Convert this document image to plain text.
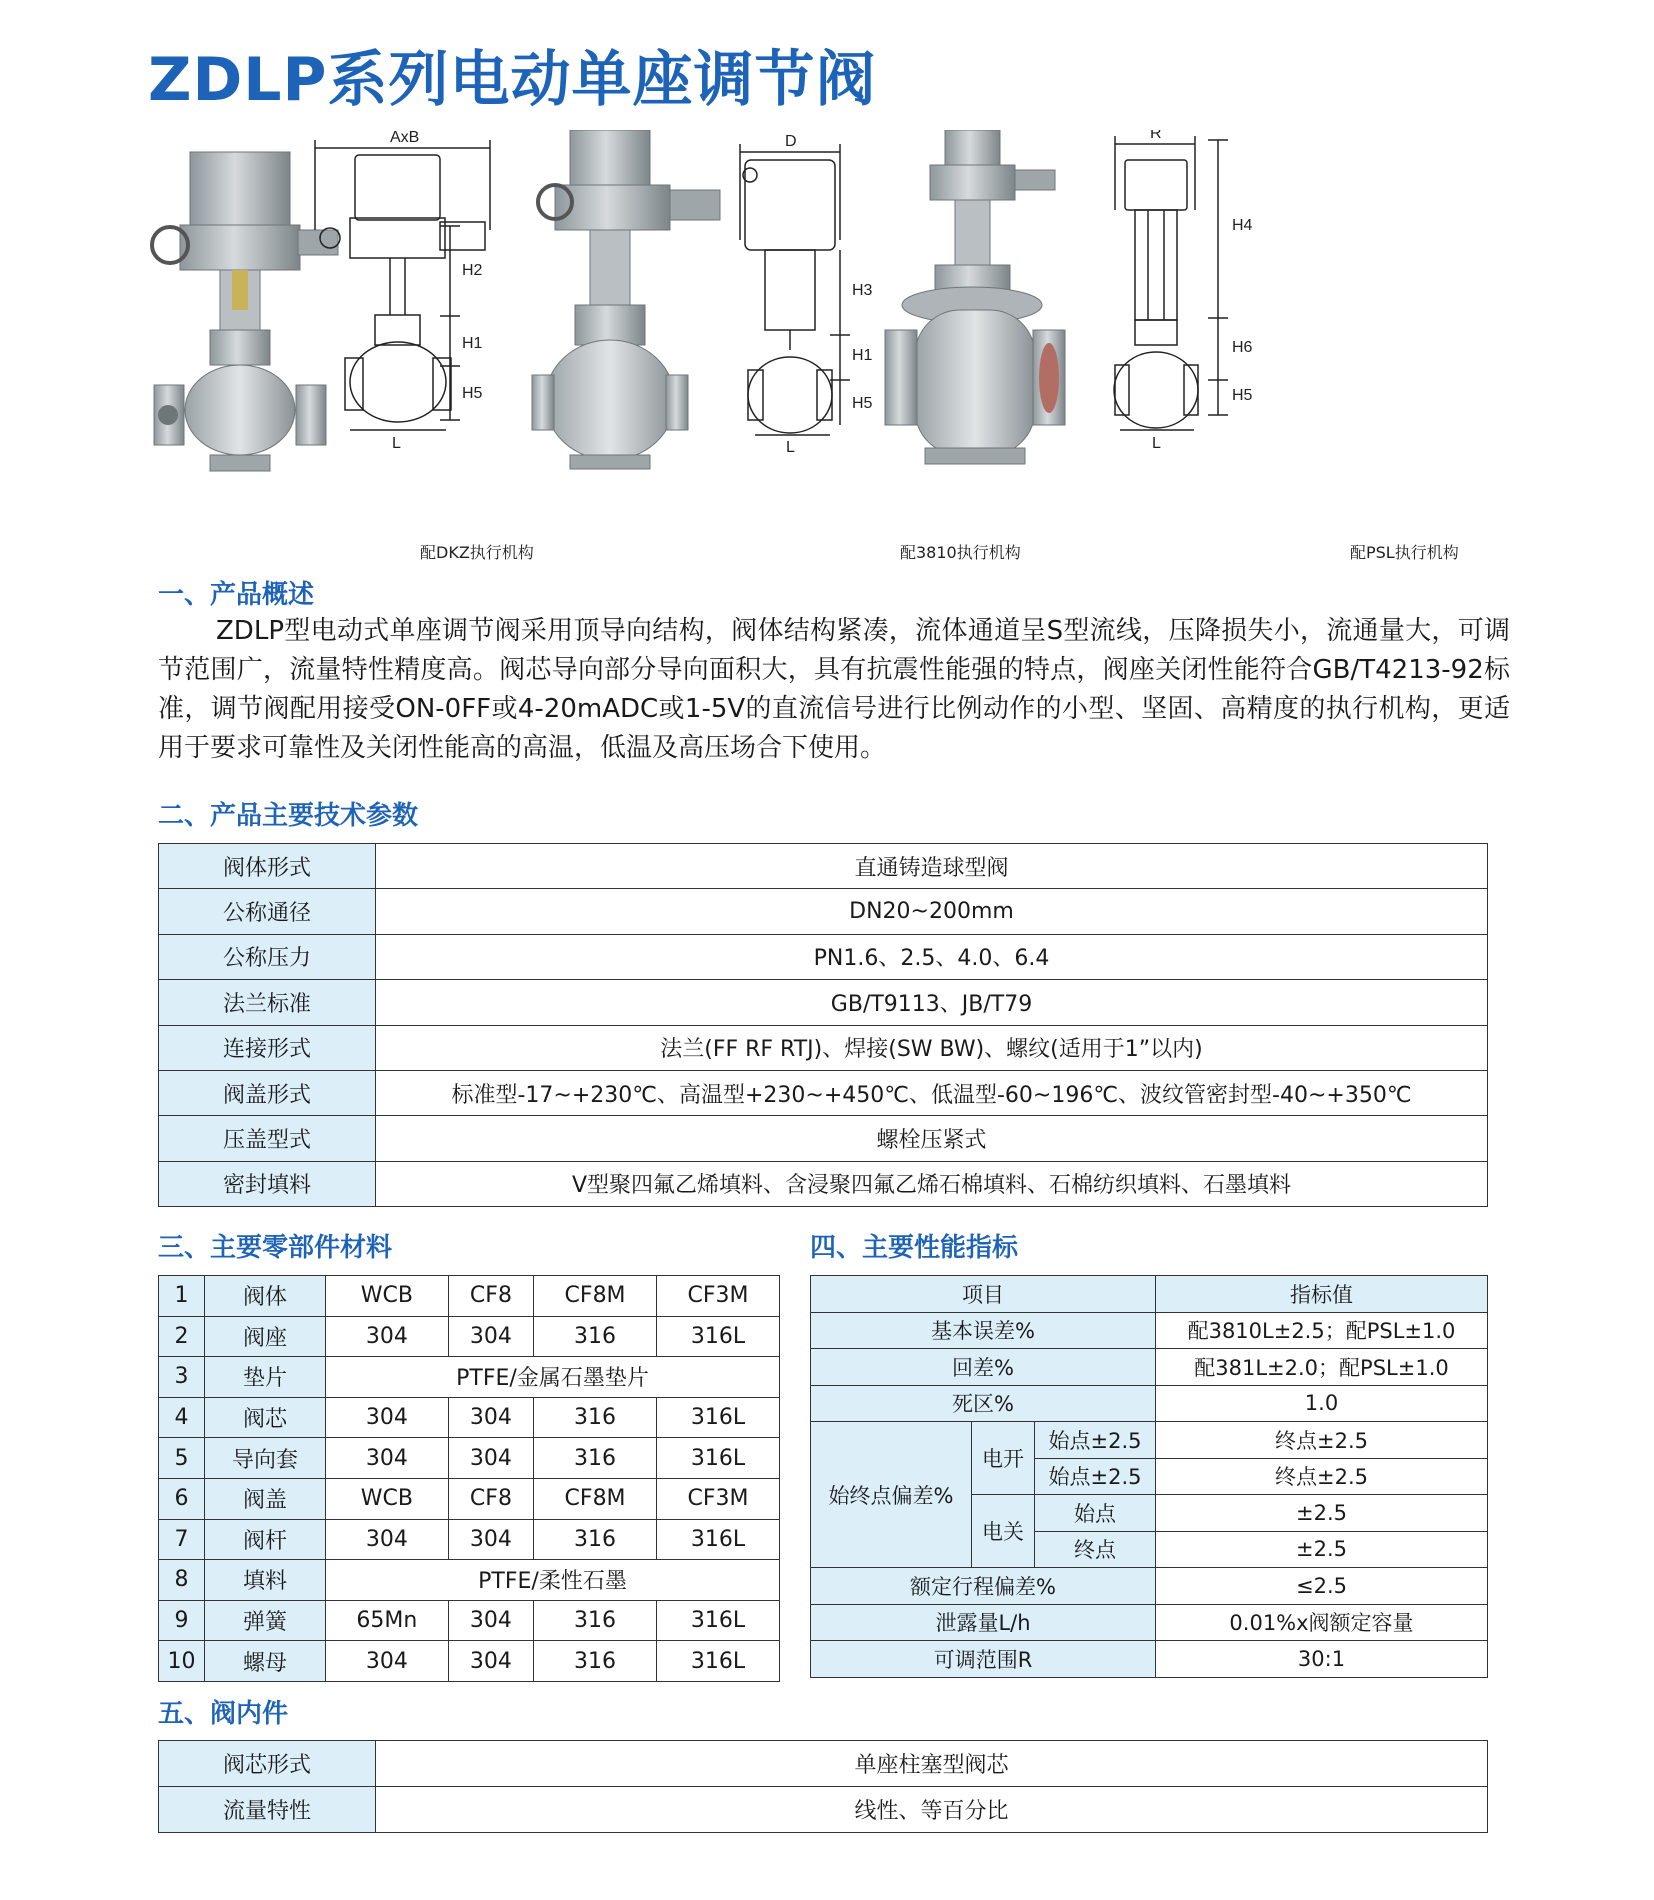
ZDLP系列电动单座调节阀
AxB	D	R
H2
H1
H5
L
H3
H1
H5
L
H4
H6
H5
L
配DKZ执行机构	配3810执行机构	配PSL执行机构
一、产品概述

ZDLP型电动式单座调节阀采用顶导向结构，阀体结构紧凑，流体通道呈S型流线，压降损失小，流通量大，可调节范围广，流量特性精度高。阀芯导向部分导向面积大，具有抗震性能强的特点，阀座关闭性能符合GB/T4213-92标准，调节阀配用接受ON-0FF或4-20mADC或1-5V的直流信号进行比例动作的小型、坚固、高精度的执行机构，更适用于要求可靠性及关闭性能高的高温，低温及高压场合下使用。

二、产品主要技术参数
阀体形式	直通铸造球型阀
公称通径	DN20~200mm
公称压力	PN1.6、2.5、4.0、6.4
法兰标准	GB/T9113、JB/T79
连接形式	法兰(FF RF RTJ)、焊接(SW BW)、螺纹(适用于1”以内)
阀盖形式	标准型-17~+230℃、高温型+230~+450℃、低温型-60~196℃、波纹管密封型-40~+350℃
压盖型式	螺栓压紧式
密封填料	V型聚四氟乙烯填料、含浸聚四氟乙烯石棉填料、石棉纺织填料、石墨填料
三、主要零部件材料
1	阀体	WCB	CF8	CF8M	CF3M
2	阀座	304	304	316	316L
3	垫片	PTFE/金属石墨垫片			
4	阀芯	304	304	316	316L
5	导向套	304	304	316	316L
6	阀盖	WCB	CF8	CF8M	CF3M
7	阀杆	304	304	316	316L
8	填料	PTFE/柔性石墨			
9	弹簧	65Mn	304	316	316L
10	螺母	304	304	316	316L
四、主要性能指标
项目			指标值
基本误差%			配3810L±2.5；配PSL±1.0
回差%			配381L±2.0；配PSL±1.0
死区%			1.0
始终点偏差%	电开	始点±2.5	终点±2.5
		始点±2.5	终点±2.5
	电关	始点	±2.5
		终点	±2.5
额定行程偏差%			≤2.5
泄露量L/h			0.01%x阀额定容量
可调范围R			30:1
五、阀内件
阀芯形式	单座柱塞型阀芯
流量特性	线性、等百分比
